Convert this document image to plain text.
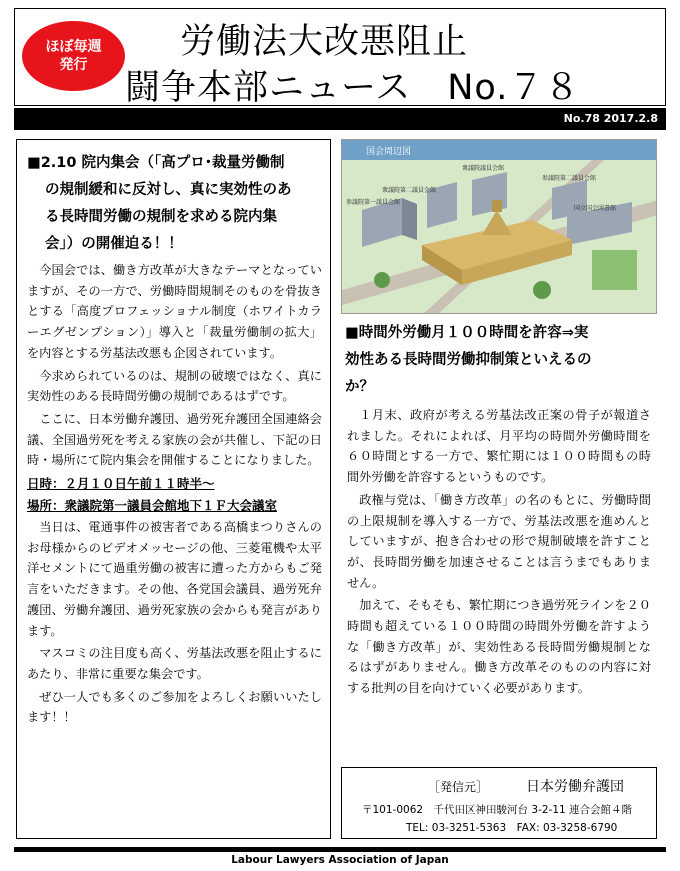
ほぼ毎週
発行
労働法大改悪阻止
闘争本部ニュース　No.７８
No.78 2017.2.8
■2.10 院内集会（「高プロ･裁量労働制
の規制緩和に反対し、真に実効性のあ
る長時間労働の規制を求める院内集
会」）の開催迫る！！

今国会では、働き方改革が大きなテーマとなっていますが、その一方で、労働時間規制そのものを骨抜きとする「高度プロフェッショナル制度（ホワイトカラーエグゼンプション）」導入と「裁量労働制の拡大」を内容とする労基法改悪も企図されています。

今求められているのは、規制の破壊ではなく、真に実効性のある長時間労働の規制であるはずです。

ここに、日本労働弁護団、過労死弁護団全国連絡会議、全国過労死を考える家族の会が共催し、下記の日時・場所にて院内集会を開催することになりました。

日時：２月１０日午前１１時半～
場所：衆議院第一議員会館地下１Ｆ大会議室

当日は、電通事件の被害者である高橋まつりさんのお母様からのビデオメッセージの他、三菱電機や太平洋セメントにて過重労働の被害に遭った方からもご発言をいただきます。その他、各党国会議員、過労死弁護団、労働弁護団、過労死家族の会からも発言があります。

マスコミの注目度も高く、労基法改悪を阻止するにあたり、非常に重要な集会です。

ぜひ一人でも多くのご参加をよろしくお願いいたします！！

国会周辺図
衆議院第二議員会館
衆議院議員会館
参議院第一議員会館
参議院第二議員会館
国立国会図書館
■時間外労働月１００時間を許容⇒実
効性ある長時間労働抑制策といえるの
か？

１月末、政府が考える労基法改正案の骨子が報道されました。それによれば、月平均の時間外労働時間を６０時間とする一方で、繁忙期には１００時間もの時間外労働を許容するというものです。

政権与党は、「働き方改革」の名のもとに、労働時間の上限規制を導入する一方で、労基法改悪を進めんとしていますが、抱き合わせの形で規制破壊を許すことが、長時間労働を加速させることは言うまでもありません。

加えて、そもそも、繁忙期につき過労死ラインを２０時間も超えている１００時間の時間外労働を許すような「働き方改革」が、実効性ある長時間労働規制となるはずがありません。働き方改革そのものの内容に対する批判の目を向けていく必要があります。

［発信元］	日本労働弁護団
〒101-0062　千代田区神田駿河台 3-2-11 連合会館４階
TEL: 03-3251-5363　FAX: 03-3258-6790
Labour Lawyers Association of Japan
